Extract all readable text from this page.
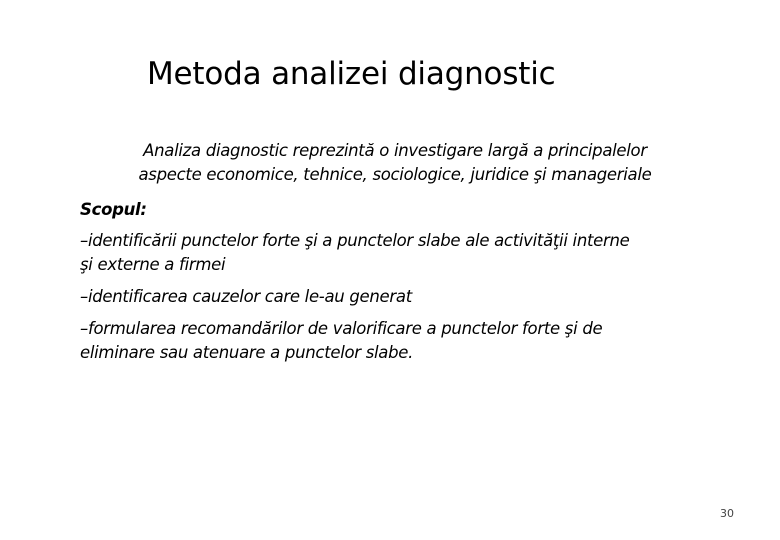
Metoda analizei diagnostic
Analiza diagnostic reprezintă o investigare largă a principalelor
aspecte economice, tehnice, sociologice, juridice şi manageriale
Scopul:
–identificării punctelor forte şi a punctelor slabe ale activităţii interne
şi externe a firmei
–identificarea cauzelor care le-au generat
–formularea recomandărilor de valorificare a punctelor forte şi de
eliminare sau atenuare a punctelor slabe.
30
